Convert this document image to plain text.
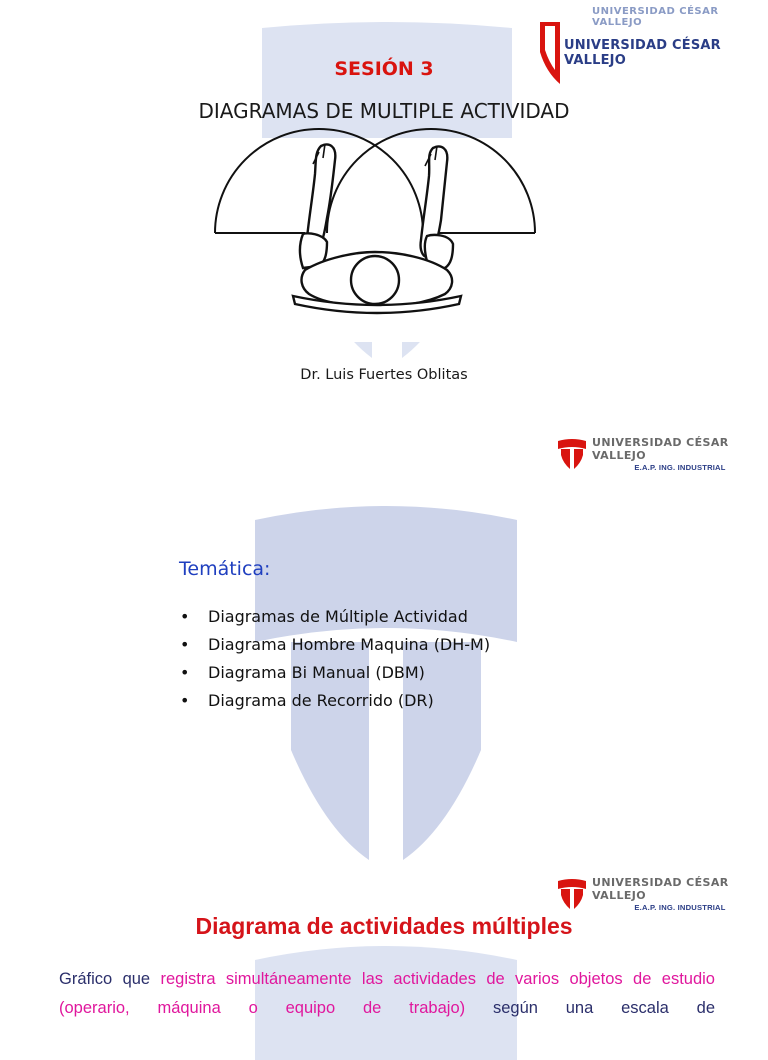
UNIVERSIDAD CÉSAR VALLEJO
UNIVERSIDAD CÉSAR VALLEJO
SESIÓN 3
DIAGRAMAS DE MULTIPLE ACTIVIDAD
Dr. Luis Fuertes Oblitas
UNIVERSIDAD CÉSAR VALLEJO
E.A.P. ING. INDUSTRIAL
Temática:
•	Diagramas de Múltiple Actividad
•	Diagrama Hombre Maquina (DH-M)
•	Diagrama Bi Manual (DBM)
•	Diagrama de Recorrido (DR)
UNIVERSIDAD CÉSAR VALLEJO
E.A.P. ING. INDUSTRIAL
Diagrama de actividades múltiples
Gráfico que registra simultáneamente las actividades de varios objetos de estudio (operario, máquina o equipo de trabajo) según una escala de
